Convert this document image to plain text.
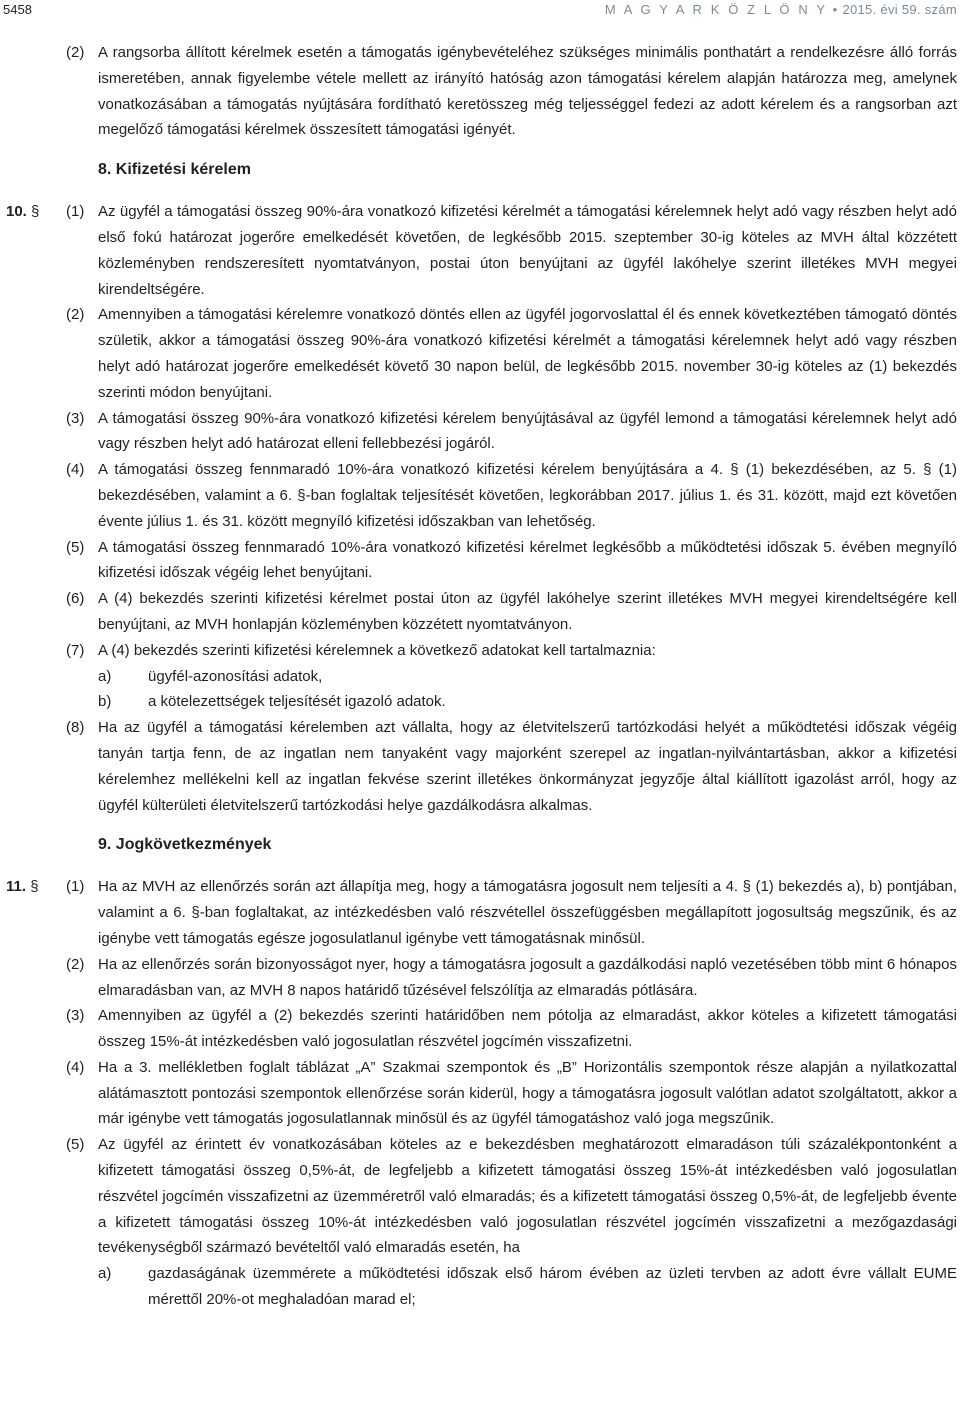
5458	M A G Y A R K Ö Z L Ö N Y • 2015. évi 59. szám
(2) A rangsorba állított kérelmek esetén a támogatás igénybevételéhez szükséges minimális ponthatárt a rendelkezésre álló forrás ismeretében, annak figyelembe vétele mellett az irányító hatóság azon támogatási kérelem alapján határozza meg, amelynek vonatkozásában a támogatás nyújtására fordítható keretösszeg még teljességgel fedezi az adott kérelem és a rangsorban azt megelőző támogatási kérelmek összesített támogatási igényét.
8. Kifizetési kérelem
10. § (1) Az ügyfél a támogatási összeg 90%-ára vonatkozó kifizetési kérelmét a támogatási kérelemnek helyt adó vagy részben helyt adó első fokú határozat jogerőre emelkedését követően, de legkésőbb 2015. szeptember 30-ig köteles az MVH által közzétett közleményben rendszeresített nyomtatványon, postai úton benyújtani az ügyfél lakóhelye szerint illetékes MVH megyei kirendeltségére.
(2) Amennyiben a támogatási kérelemre vonatkozó döntés ellen az ügyfél jogorvoslattal él és ennek következtében támogató döntés születik, akkor a támogatási összeg 90%-ára vonatkozó kifizetési kérelmét a támogatási kérelemnek helyt adó vagy részben helyt adó határozat jogerőre emelkedését követő 30 napon belül, de legkésőbb 2015. november 30-ig köteles az (1) bekezdés szerinti módon benyújtani.
(3) A támogatási összeg 90%-ára vonatkozó kifizetési kérelem benyújtásával az ügyfél lemond a támogatási kérelemnek helyt adó vagy részben helyt adó határozat elleni fellebbezési jogáról.
(4) A támogatási összeg fennmaradó 10%-ára vonatkozó kifizetési kérelem benyújtására a 4. § (1) bekezdésében, az 5. § (1) bekezdésében, valamint a 6. §-ban foglaltak teljesítését követően, legkorábban 2017. július 1. és 31. között, majd ezt követően évente július 1. és 31. között megnyíló kifizetési időszakban van lehetőség.
(5) A támogatási összeg fennmaradó 10%-ára vonatkozó kifizetési kérelmet legkésőbb a működtetési időszak 5. évében megnyíló kifizetési időszak végéig lehet benyújtani.
(6) A (4) bekezdés szerinti kifizetési kérelmet postai úton az ügyfél lakóhelye szerint illetékes MVH megyei kirendeltségére kell benyújtani, az MVH honlapján közleményben közzétett nyomtatványon.
(7) A (4) bekezdés szerinti kifizetési kérelemnek a következő adatokat kell tartalmaznia:
a) ügyfél-azonosítási adatok,
b) a kötelezettségek teljesítését igazoló adatok.
(8) Ha az ügyfél a támogatási kérelemben azt vállalta, hogy az életvitelszerű tartózkodási helyét a működtetési időszak végéig tanyán tartja fenn, de az ingatlan nem tanyaként vagy majorként szerepel az ingatlan-nyilvántartásban, akkor a kifizetési kérelemhez mellékelni kell az ingatlan fekvése szerint illetékes önkormányzat jegyzője által kiállított igazolást arról, hogy az ügyfél külterületi életvitelszerű tartózkodási helye gazdálkodásra alkalmas.
9. Jogkövetkezmények
11. § (1) Ha az MVH az ellenőrzés során azt állapítja meg, hogy a támogatásra jogosult nem teljesíti a 4. § (1) bekezdés a), b) pontjában, valamint a 6. §-ban foglaltakat, az intézkedésben való részvétellel összefüggésben megállapított jogosultság megszűnik, és az igénybe vett támogatás egésze jogosulatlanul igénybe vett támogatásnak minősül.
(2) Ha az ellenőrzés során bizonyosságot nyer, hogy a támogatásra jogosult a gazdálkodási napló vezetésében több mint 6 hónapos elmaradásban van, az MVH 8 napos határidő tűzésével felszólítja az elmaradás pótlására.
(3) Amennyiben az ügyfél a (2) bekezdés szerinti határidőben nem pótolja az elmaradást, akkor köteles a kifizetett támogatási összeg 15%-át intézkedésben való jogosulatlan részvétel jogcímén visszafizetni.
(4) Ha a 3. mellékletben foglalt táblázat „A” Szakmai szempontok és „B” Horizontális szempontok része alapján a nyilatkozattal alátámasztott pontozási szempontok ellenőrzése során kiderül, hogy a támogatásra jogosult valótlan adatot szolgáltatott, akkor a már igénybe vett támogatás jogosulatlannak minősül és az ügyfél támogatáshoz való joga megszűnik.
(5) Az ügyfél az érintett év vonatkozásában köteles az e bekezdésben meghatározott elmaradáson túli százalékpontonként a kifizetett támogatási összeg 0,5%-át, de legfeljebb a kifizetett támogatási összeg 15%-át intézkedésben való jogosulatlan részvétel jogcímén visszafizetni az üzemméretről való elmaradás; és a kifizetett támogatási összeg 0,5%-át, de legfeljebb évente a kifizetett támogatási összeg 10%-át intézkedésben való jogosulatlan részvétel jogcímén visszafizetni a mezőgazdasági tevékenységből származó bevételtől való elmaradás esetén, ha
a) gazdaságának üzemmérete a működtetési időszak első három évében az üzleti tervben az adott évre vállalt EUME mérettől 20%-ot meghaladóan marad el;
